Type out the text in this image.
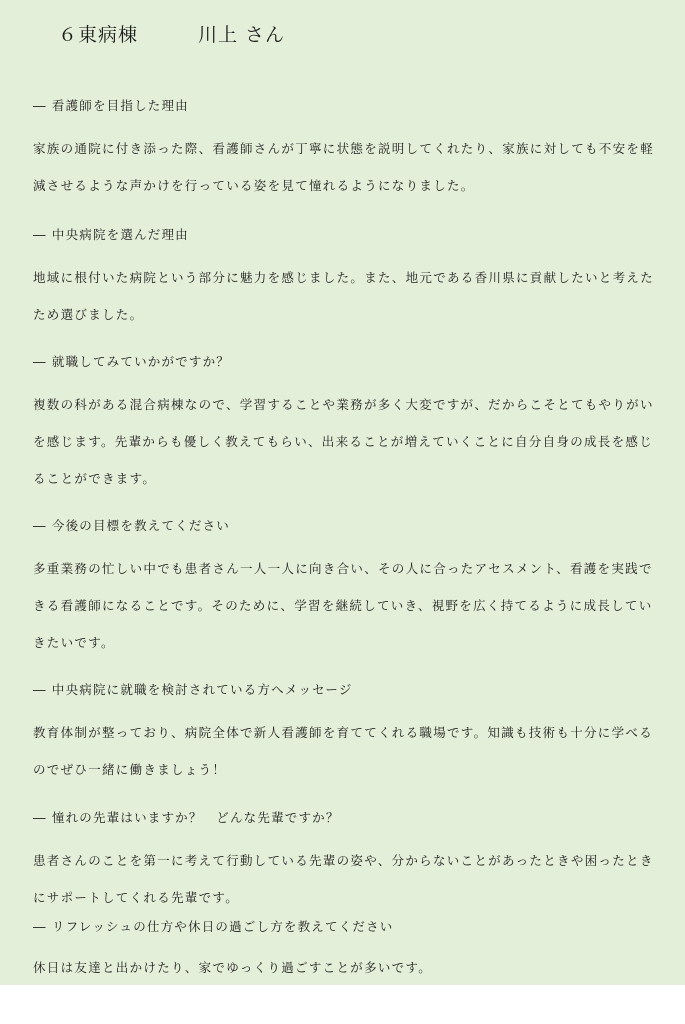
６東病棟　　　川上 さん
― 看護師を目指した理由
家族の通院に付き添った際、看護師さんが丁寧に状態を説明してくれたり、家族に対しても不安を軽減させるような声かけを行っている姿を見て憧れるようになりました。
― 中央病院を選んだ理由
地域に根付いた病院という部分に魅力を感じました。また、地元である香川県に貢献したいと考えたため選びました。
― 就職してみていかがですか？
複数の科がある混合病棟なので、学習することや業務が多く大変ですが、だからこそとてもやりがいを感じます。先輩からも優しく教えてもらい、出来ることが増えていくことに自分自身の成長を感じることができます。
― 今後の目標を教えてください
多重業務の忙しい中でも患者さん一人一人に向き合い、その人に合ったアセスメント、看護を実践できる看護師になることです。そのために、学習を継続していき、視野を広く持てるように成長していきたいです。
― 中央病院に就職を検討されている方へメッセージ
教育体制が整っており、病院全体で新人看護師を育ててくれる職場です。知識も技術も十分に学べるのでぜひ一緒に働きましょう！
― 憧れの先輩はいますか？　どんな先輩ですか？
患者さんのことを第一に考えて行動している先輩の姿や、分からないことがあったときや困ったときにサポートしてくれる先輩です。
― リフレッシュの仕方や休日の過ごし方を教えてください
休日は友達と出かけたり、家でゆっくり過ごすことが多いです。
